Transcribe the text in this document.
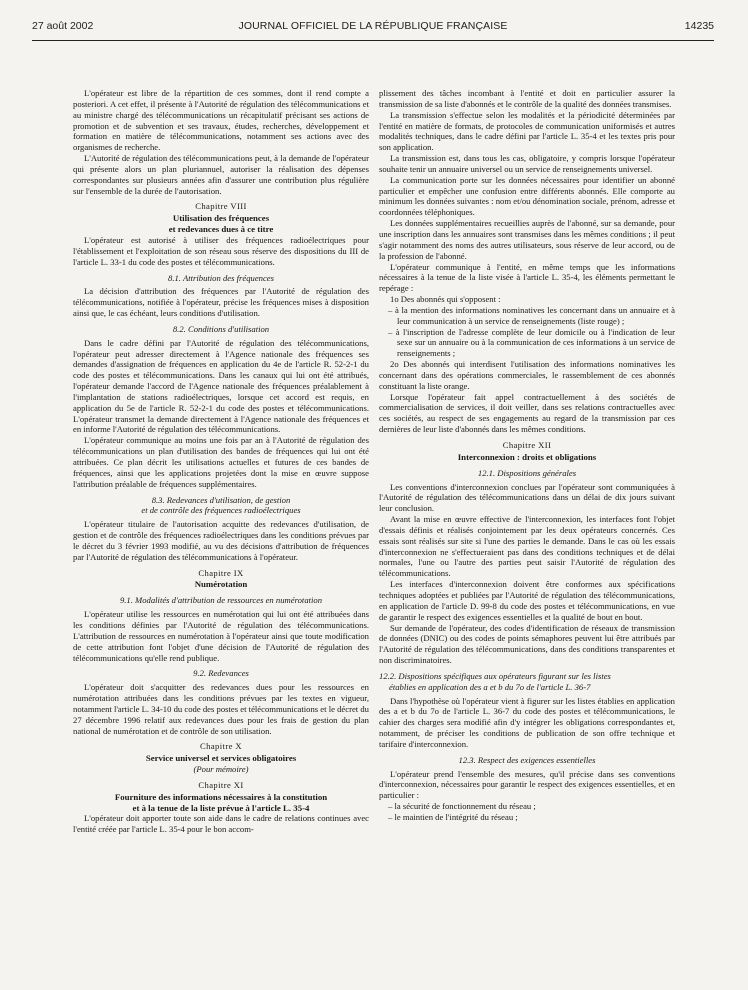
27 août 2002	JOURNAL OFFICIEL DE LA RÉPUBLIQUE FRANÇAISE	14235

L'opérateur est libre de la répartition de ces sommes, dont il rend compte a posteriori. A cet effet, il présente à l'Autorité de régulation des télécommunications et au ministre chargé des télécommunications un récapitulatif précisant ses actions de promotion et de subvention et ses travaux, études, recherches, développement et formation en matière de télécommunications, notamment ses actions avec des organismes de recherche.

L'Autorité de régulation des télécommunications peut, à la demande de l'opérateur qui présente alors un plan pluriannuel, autoriser la réalisation des dépenses correspondantes sur plusieurs années afin d'assurer une contribution plus régulière sur l'ensemble de la durée de l'autorisation.

Chapitre VIII
Utilisation des fréquences
et redevances dues à ce titre

L'opérateur est autorisé à utiliser des fréquences radioélectriques pour l'établissement et l'exploitation de son réseau sous réserve des dispositions du III de l'article L. 33-1 du code des postes et télécommunications.

8.1. Attribution des fréquences

La décision d'attribution des fréquences par l'Autorité de régulation des télécommunications, notifiée à l'opérateur, précise les fréquences mises à disposition ainsi que, le cas échéant, leurs conditions d'utilisation.

8.2. Conditions d'utilisation

Dans le cadre défini par l'Autorité de régulation des télécommunications, l'opérateur peut adresser directement à l'Agence nationale des fréquences ses demandes d'assignation de fréquences en application du 4e de l'article R. 52-2-1 du code des postes et télécommunications. Dans les canaux qui lui ont été attribués, l'opérateur demande l'accord de l'Agence nationale des fréquences préalablement à l'implantation de stations radioélectriques, lorsque cet accord est requis, en application du 5e de l'article R. 52-2-1 du code des postes et télécommunications. L'opérateur transmet la demande directement à l'Agence nationale des fréquences et en informe l'Autorité de régulation des télécommunications.

L'opérateur communique au moins une fois par an à l'Autorité de régulation des télécommunications un plan d'utilisation des bandes de fréquences qui lui ont été attribuées. Ce plan décrit les utilisations actuelles et futures de ces bandes de fréquences, ainsi que les applications projetées dont la mise en œuvre suppose l'attribution préalable de fréquences supplémentaires.

8.3. Redevances d'utilisation, de gestion
et de contrôle des fréquences radioélectriques

L'opérateur titulaire de l'autorisation acquitte des redevances d'utilisation, de gestion et de contrôle des fréquences radioélectriques dans les conditions prévues par le décret du 3 février 1993 modifié, au vu des décisions d'attribution de fréquences par l'Autorité de régulation des télécommunications à l'opérateur.

Chapitre IX
Numérotation
9.1. Modalités d'attribution de ressources en numérotation

L'opérateur utilise les ressources en numérotation qui lui ont été attribuées dans les conditions définies par l'Autorité de régulation des télécommunications. L'attribution de ressources en numérotation à l'opérateur ainsi que toute modification de cette attribution font l'objet d'une décision de l'Autorité de régulation des télécommunications qu'elle rend publique.

9.2. Redevances

L'opérateur doit s'acquitter des redevances dues pour les ressources en numérotation attribuées dans les conditions prévues par les textes en vigueur, notamment l'article L. 34-10 du code des postes et télécommunications et le décret du 27 décembre 1996 relatif aux redevances dues pour les frais de gestion du plan national de numérotation et de contrôle de son utilisation.

Chapitre X
Service universel et services obligatoires
(Pour mémoire)
Chapitre XI
Fourniture des informations nécessaires à la constitution
et à la tenue de la liste prévue à l'article L. 35-4

L'opérateur doit apporter toute son aide dans le cadre de relations continues avec l'entité créée par l'article L. 35-4 pour le bon accom-

plissement des tâches incombant à l'entité et doit en particulier assurer la transmission de sa liste d'abonnés et le contrôle de la qualité des données transmises.

La transmission s'effectue selon les modalités et la périodicité déterminées par l'entité en matière de formats, de protocoles de communication uniformisés et autres modalités techniques, dans le cadre défini par l'article L. 35-4 et les textes pris pour son application.

La transmission est, dans tous les cas, obligatoire, y compris lorsque l'opérateur souhaite tenir un annuaire universel ou un service de renseignements universel.

La communication porte sur les données nécessaires pour identifier un abonné particulier et empêcher une confusion entre différents abonnés. Elle comporte au minimum les données suivantes : nom et/ou dénomination sociale, prénom, adresse et coordonnées téléphoniques.

Les données supplémentaires recueillies auprès de l'abonné, sur sa demande, pour une inscription dans les annuaires sont transmises dans les mêmes conditions ; il peut s'agir notamment des noms des autres utilisateurs, sous réserve de leur accord, ou de la profession de l'abonné.

L'opérateur communique à l'entité, en même temps que les informations nécessaires à la tenue de la liste visée à l'article L. 35-4, les éléments permettant le repérage :

1o Des abonnés qui s'opposent :

– à la mention des informations nominatives les concernant dans un annuaire et à leur communication à un service de renseignements (liste rouge) ;
– à l'inscription de l'adresse complète de leur domicile ou à l'indication de leur sexe sur un annuaire ou à la communication de ces informations à un service de renseignements ;

2o Des abonnés qui interdisent l'utilisation des informations nominatives les concernant dans des opérations commerciales, le rassemblement de ces abonnés constituant la liste orange.

Lorsque l'opérateur fait appel contractuellement à des sociétés de commercialisation de services, il doit veiller, dans ses relations contractuelles avec ces sociétés, au respect de ses engagements au regard de la transmission par ces dernières de leur liste d'abonnés dans les mêmes conditions.

Chapitre XII
Interconnexion : droits et obligations
12.1. Dispositions générales

Les conventions d'interconnexion conclues par l'opérateur sont communiquées à l'Autorité de régulation des télécommunications dans un délai de dix jours suivant leur conclusion.

Avant la mise en œuvre effective de l'interconnexion, les interfaces font l'objet d'essais définis et réalisés conjointement par les deux opérateurs concernés. Ces essais sont réalisés sur site si l'une des parties le demande. Dans le cas où les essais d'interconnexion ne s'effectueraient pas dans des conditions techniques et de délai normales, l'une ou l'autre des parties peut saisir l'Autorité de régulation des télécommunications.

Les interfaces d'interconnexion doivent être conformes aux spécifications techniques adoptées et publiées par l'Autorité de régulation des télécommunications, en application de l'article D. 99-8 du code des postes et télécommunications, en vue de garantir le respect des exigences essentielles et la qualité de bout en bout.

Sur demande de l'opérateur, des codes d'identification de réseaux de transmission de données (DNIC) ou des codes de points sémaphores peuvent lui être attribués par l'Autorité de régulation des télécommunications, dans des conditions transparentes et non discriminatoires.

12.2. Dispositions spécifiques aux opérateurs figurant sur les listes
établies en application des a et b du 7o de l'article L. 36-7

Dans l'hypothèse où l'opérateur vient à figurer sur les listes établies en application des a et b du 7o de l'article L. 36-7 du code des postes et télécommunications, le cahier des charges sera modifié afin d'y intégrer les obligations correspondantes et, notamment, de préciser les conditions de publication de son offre technique et tarifaire d'interconnexion.

12.3. Respect des exigences essentielles

L'opérateur prend l'ensemble des mesures, qu'il précise dans ses conventions d'interconnexion, nécessaires pour garantir le respect des exigences essentielles, et en particulier :

– la sécurité de fonctionnement du réseau ;
– le maintien de l'intégrité du réseau ;
